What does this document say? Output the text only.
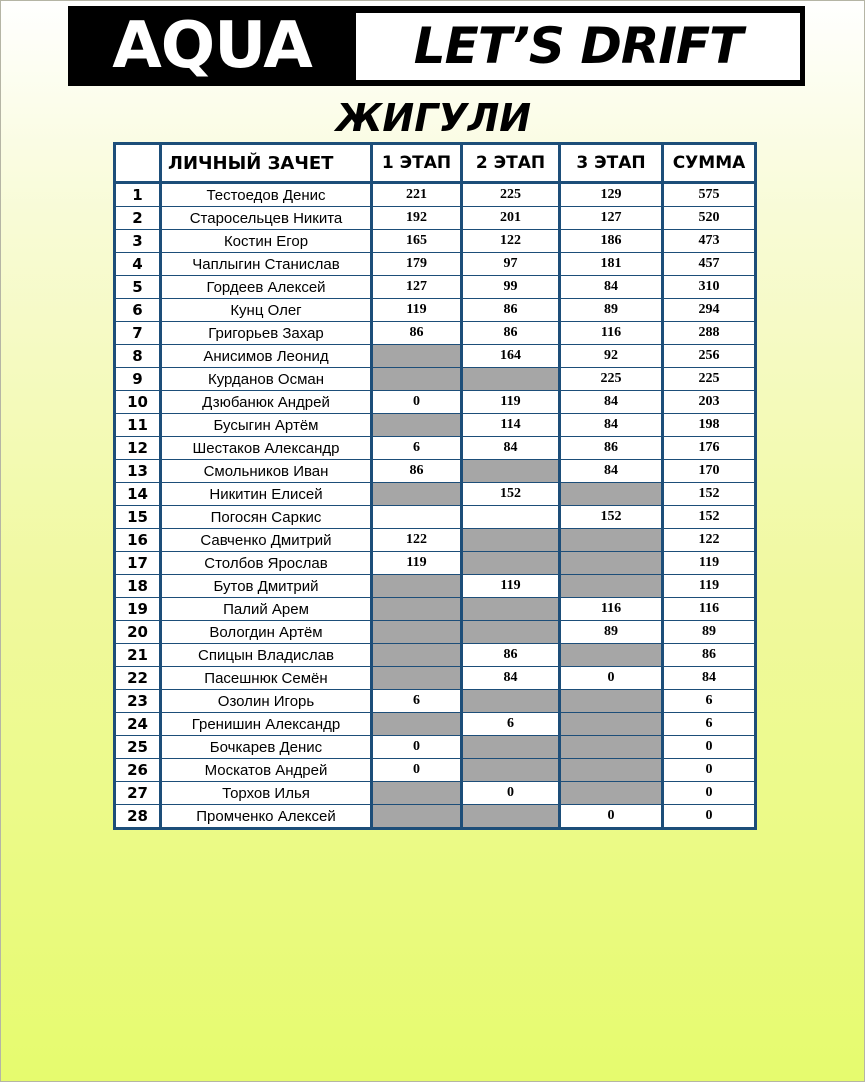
AQUA	LET’S DRIFT
ЖИГУЛИ
	ЛИЧНЫЙ ЗАЧЕТ	1 ЭТАП	2 ЭТАП	3 ЭТАП	СУММА
1	Тестоедов Денис	221	225	129	575
2	Старосельцев Никита	192	201	127	520
3	Костин Егор	165	122	186	473
4	Чаплыгин Станислав	179	97	181	457
5	Гордеев Алексей	127	99	84	310
6	Кунц Олег	119	86	89	294
7	Григорьев Захар	86	86	116	288
8	Анисимов Леонид		164	92	256
9	Курданов Осман			225	225
10	Дзюбанюк Андрей	0	119	84	203
11	Бусыгин Артём		114	84	198
12	Шестаков Александр	6	84	86	176
13	Смольников Иван	86		84	170
14	Никитин Елисей		152		152
15	Погосян Саркис			152	152
16	Савченко Дмитрий	122			122
17	Столбов Ярослав	119			119
18	Бутов Дмитрий		119		119
19	Палий Арем			116	116
20	Вологдин Артём			89	89
21	Спицын Владислав		86		86
22	Пасешнюк Семён		84	0	84
23	Озолин Игорь	6			6
24	Гренишин Александр		6		6
25	Бочкарев Денис	0			0
26	Москатов Андрей	0			0
27	Торхов Илья		0		0
28	Промченко Алексей			0	0
